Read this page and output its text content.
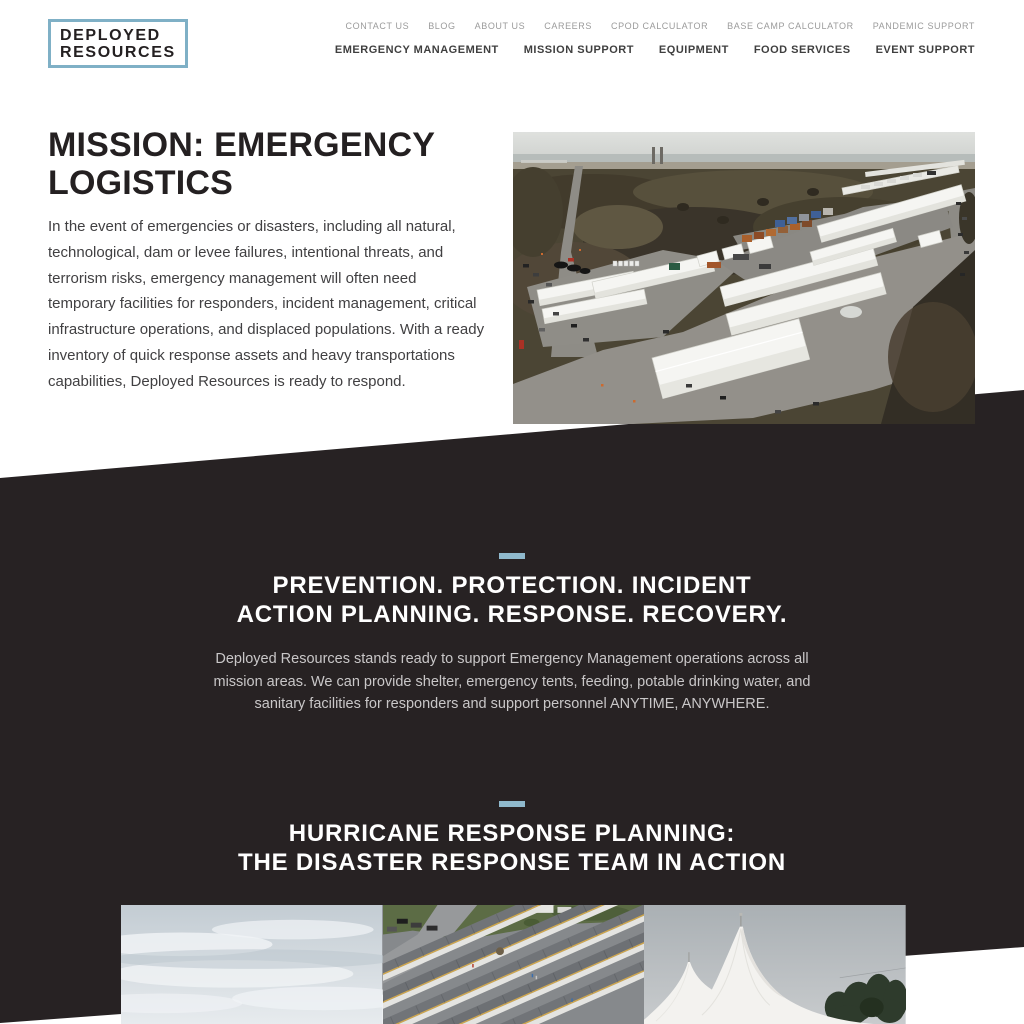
DEPLOYED
RESOURCES
CONTACT US BLOG ABOUT US CAREERS CPOD CALCULATOR BASE CAMP CALCULATOR PANDEMIC SUPPORT
EMERGENCY MANAGEMENT MISSION SUPPORT EQUIPMENT FOOD SERVICES EVENT SUPPORT
MISSION: EMERGENCY
LOGISTICS

In the event of emergencies or disasters, including all natural, technological, dam or levee failures, intentional threats, and terrorism risks, emergency management will often need temporary facilities for responders, incident management, critical infrastructure operations, and displaced populations. With a ready inventory of quick response assets and heavy transportations capabilities, Deployed Resources is ready to respond.

PREVENTION. PROTECTION. INCIDENT
ACTION PLANNING. RESPONSE. RECOVERY.

Deployed Resources stands ready to support Emergency Management operations across all mission areas. We can provide shelter, emergency tents, feeding, potable drinking water, and sanitary facilities for responders and support personnel ANYTIME, ANYWHERE.

HURRICANE RESPONSE PLANNING:
THE DISASTER RESPONSE TEAM IN ACTION
